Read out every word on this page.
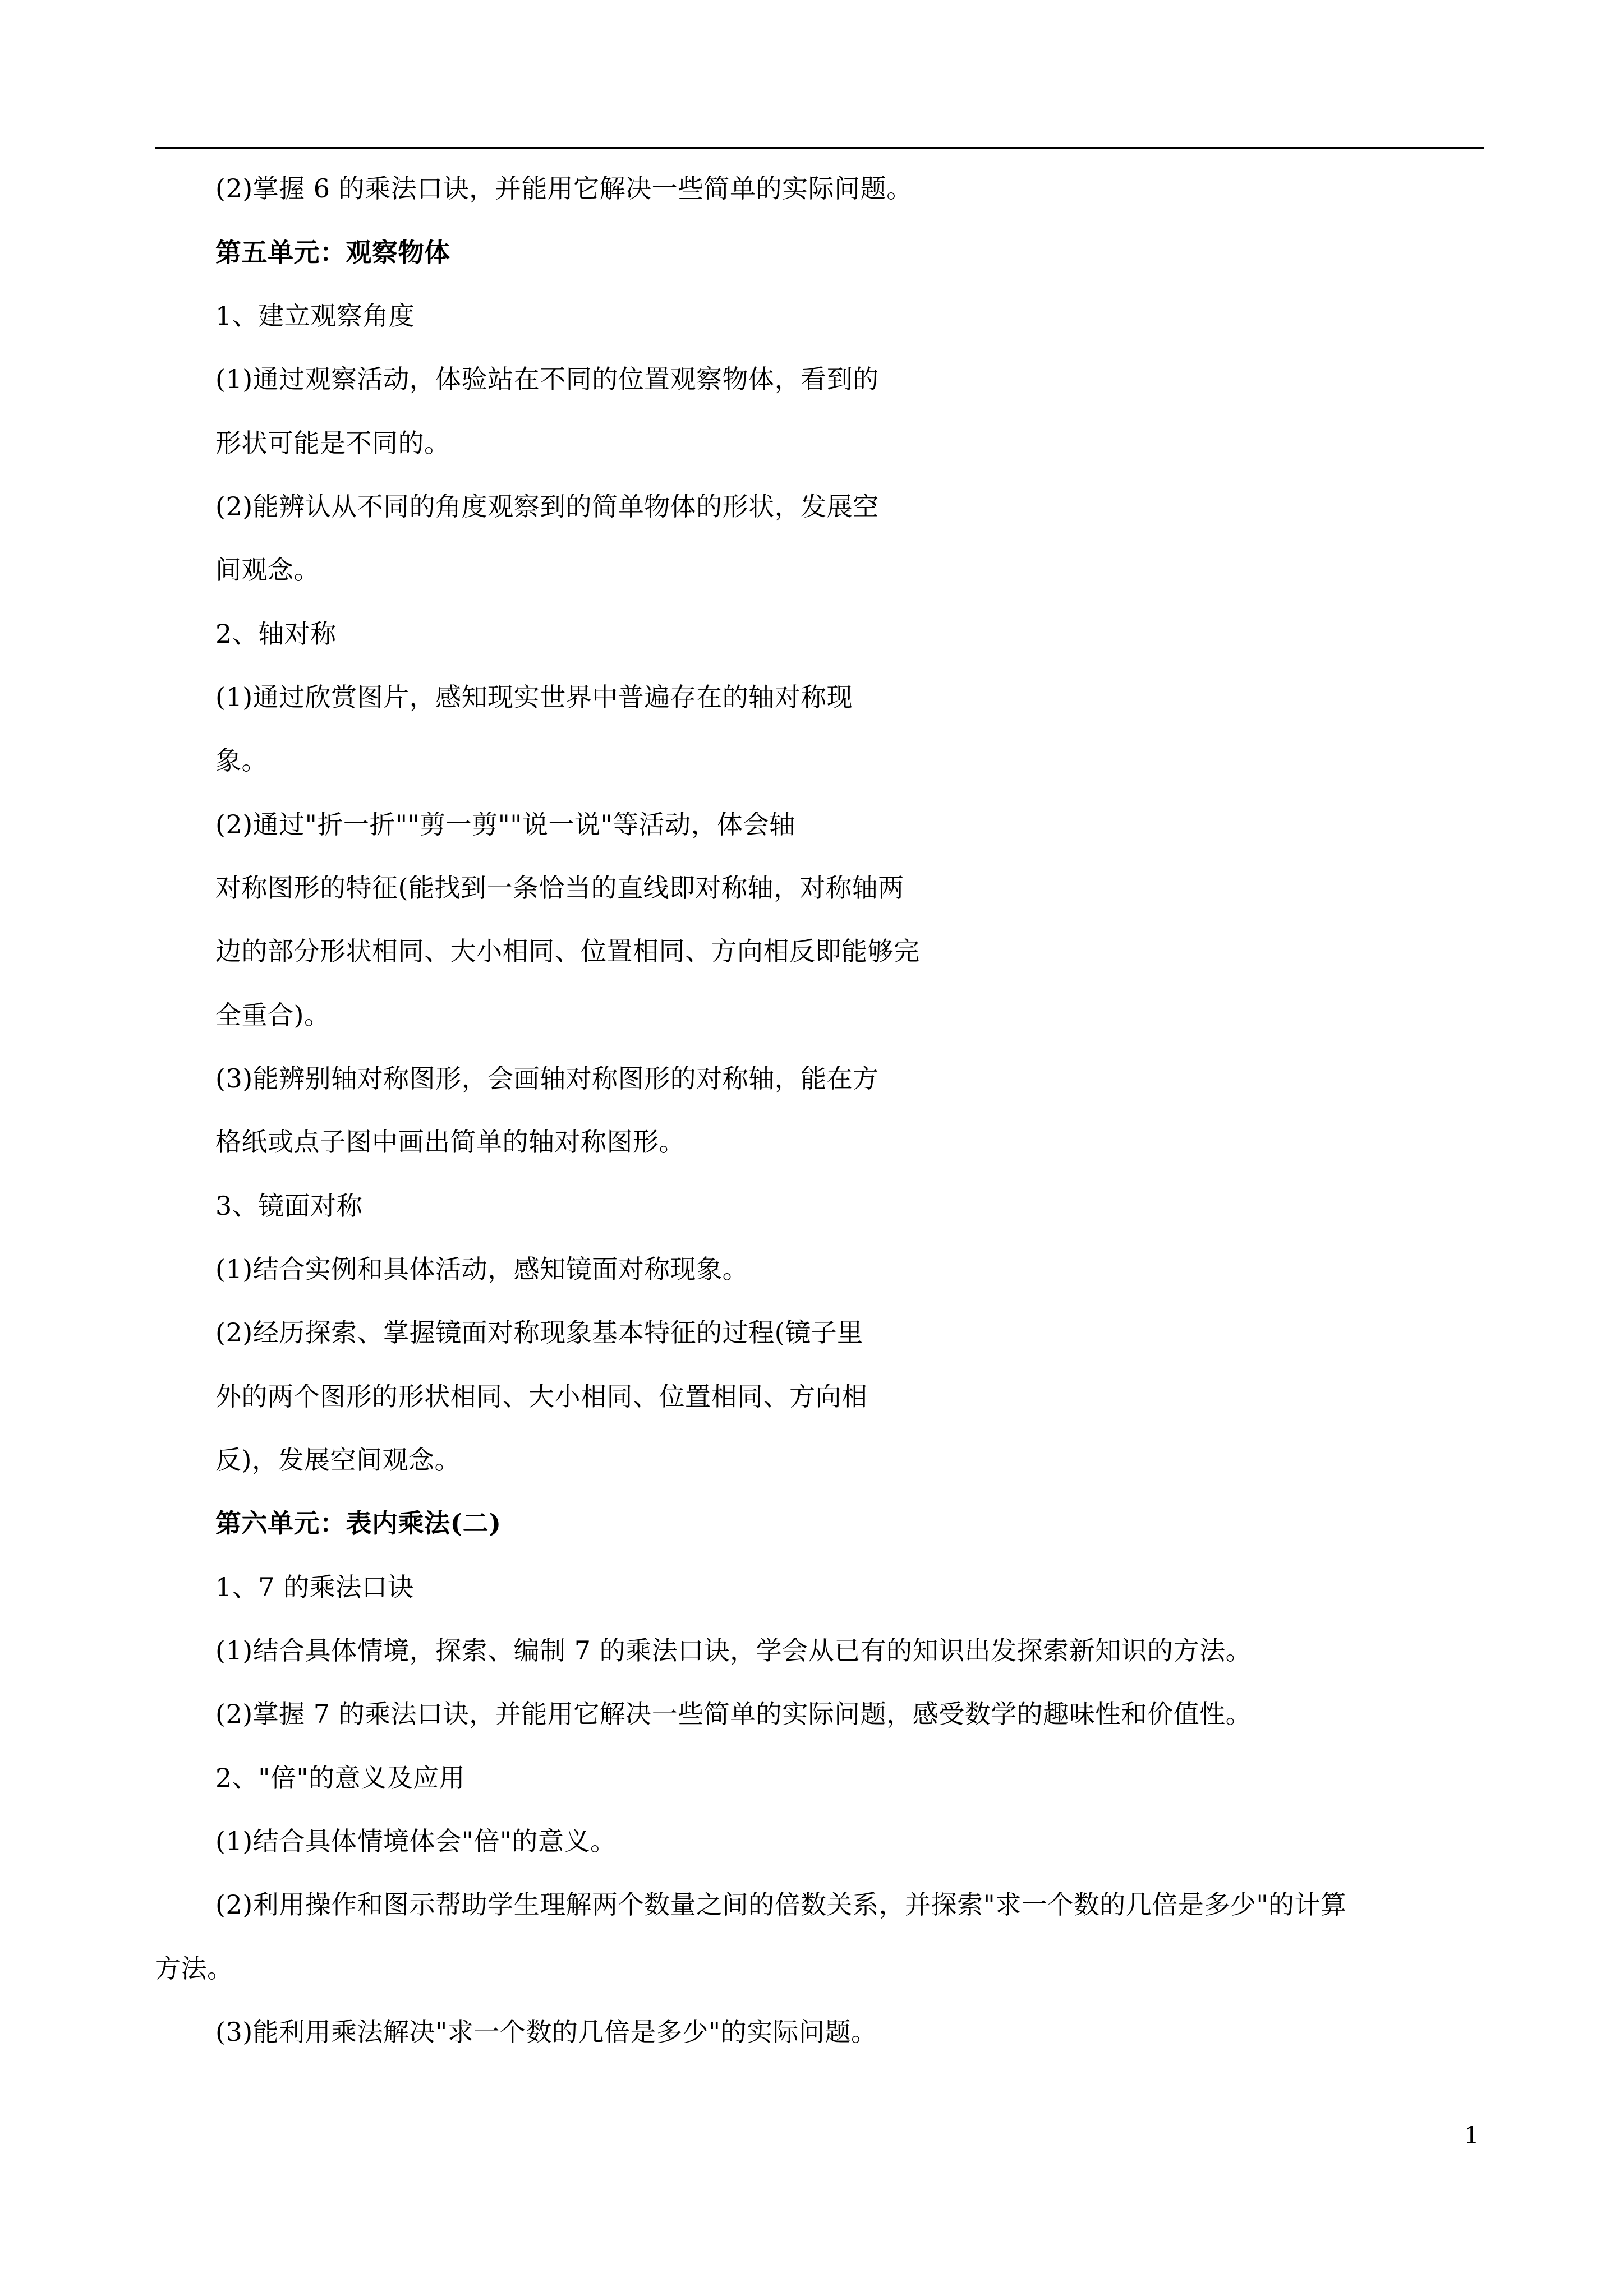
(2)掌握 6 的乘法口诀，并能用它解决一些简单的实际问题。
第五单元：观察物体
1、建立观察角度
(1)通过观察活动，体验站在不同的位置观察物体，看到的
形状可能是不同的。
(2)能辨认从不同的角度观察到的简单物体的形状，发展空
间观念。
2、轴对称
(1)通过欣赏图片，感知现实世界中普遍存在的轴对称现
象。
(2)通过"折一折""剪一剪""说一说"等活动，体会轴
对称图形的特征(能找到一条恰当的直线即对称轴，对称轴两
边的部分形状相同、大小相同、位置相同、方向相反即能够完
全重合)。
(3)能辨别轴对称图形，会画轴对称图形的对称轴，能在方
格纸或点子图中画出简单的轴对称图形。
3、镜面对称
(1)结合实例和具体活动，感知镜面对称现象。
(2)经历探索、掌握镜面对称现象基本特征的过程(镜子里
外的两个图形的形状相同、大小相同、位置相同、方向相
反)，发展空间观念。
第六单元：表内乘法(二)
1、7 的乘法口诀
(1)结合具体情境，探索、编制 7 的乘法口诀，学会从已有的知识出发探索新知识的方法。
(2)掌握 7 的乘法口诀，并能用它解决一些简单的实际问题，感受数学的趣味性和价值性。
2、"倍"的意义及应用
(1)结合具体情境体会"倍"的意义。
(2)利用操作和图示帮助学生理解两个数量之间的倍数关系，并探索"求一个数的几倍是多少"的计算
方法。
(3)能利用乘法解决"求一个数的几倍是多少"的实际问题。
1
